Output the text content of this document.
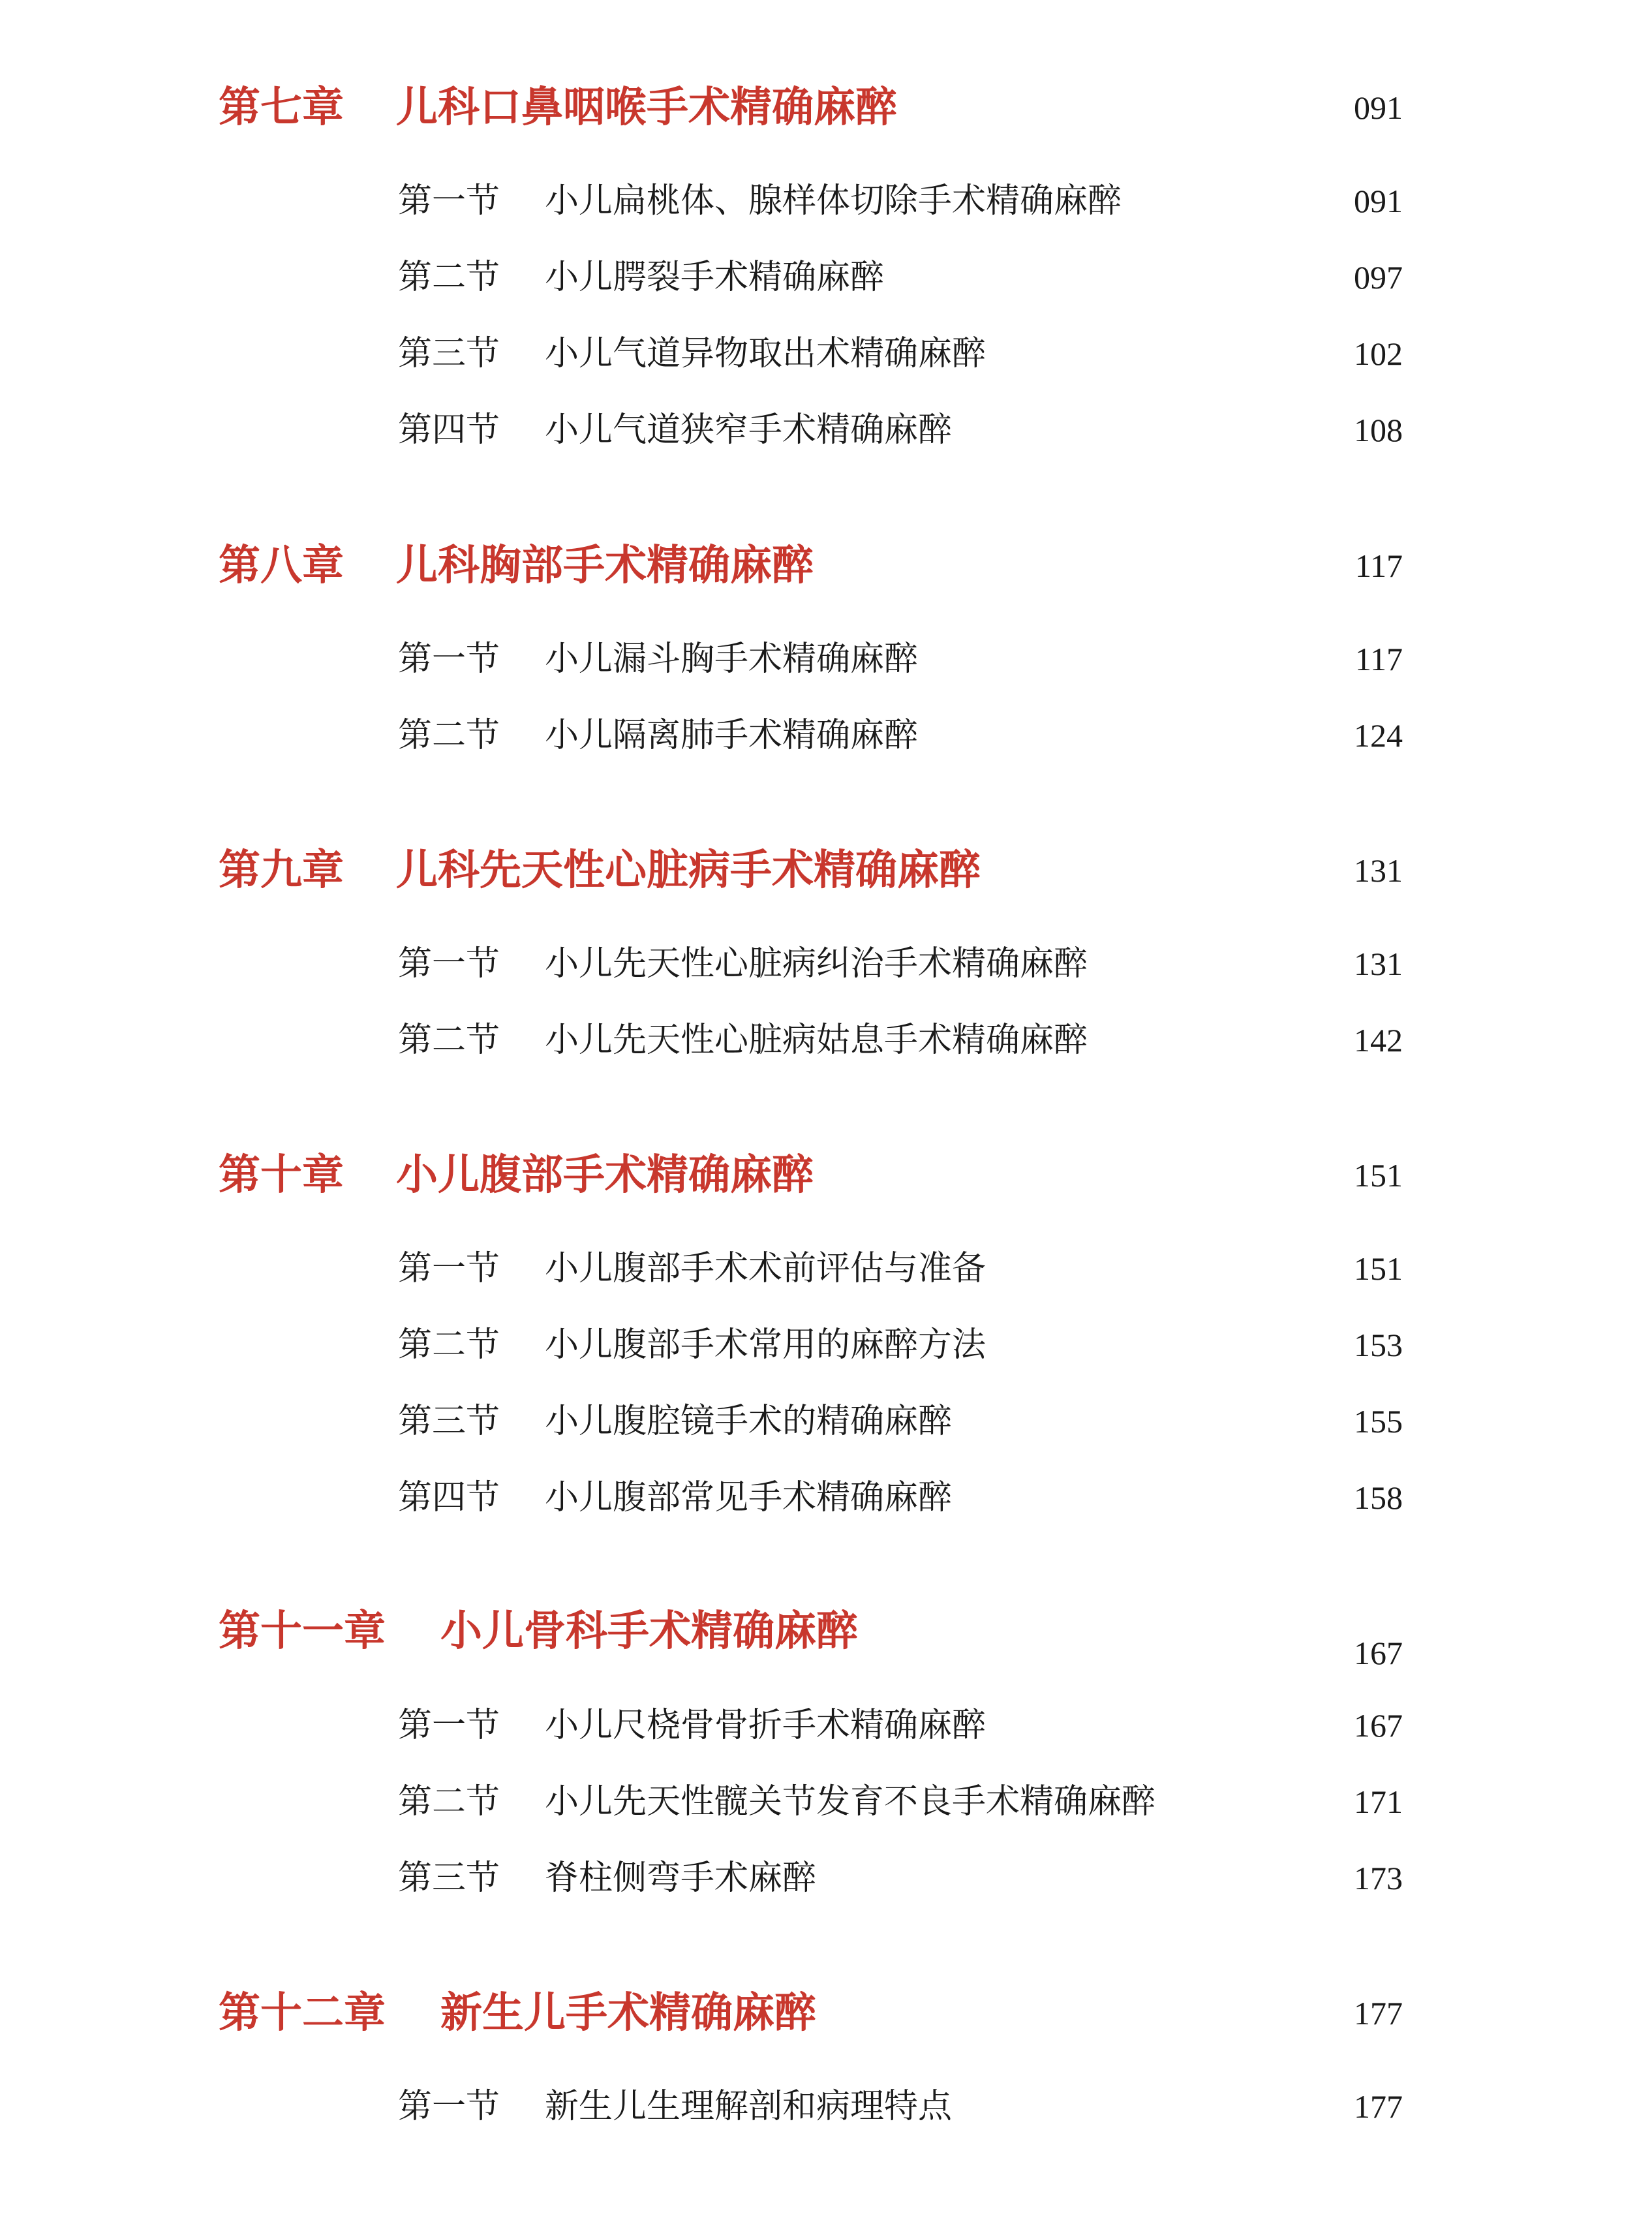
第七章 儿科口鼻咽喉手术精确麻醉	091
第一节 小儿扁桃体、腺样体切除手术精确麻醉	091
第二节 小儿腭裂手术精确麻醉	097
第三节 小儿气道异物取出术精确麻醉	102
第四节 小儿气道狭窄手术精确麻醉	108
第八章 儿科胸部手术精确麻醉	117
第一节 小儿漏斗胸手术精确麻醉	117
第二节 小儿隔离肺手术精确麻醉	124
第九章 儿科先天性心脏病手术精确麻醉	131
第一节 小儿先天性心脏病纠治手术精确麻醉	131
第二节 小儿先天性心脏病姑息手术精确麻醉	142
第十章 小儿腹部手术精确麻醉	151
第一节 小儿腹部手术术前评估与准备	151
第二节 小儿腹部手术常用的麻醉方法	153
第三节 小儿腹腔镜手术的精确麻醉	155
第四节 小儿腹部常见手术精确麻醉	158
第十一章 小儿骨科手术精确麻醉	167
第一节 小儿尺桡骨骨折手术精确麻醉	167
第二节 小儿先天性髋关节发育不良手术精确麻醉	171
第三节 脊柱侧弯手术麻醉	173
第十二章 新生儿手术精确麻醉	177
第一节 新生儿生理解剖和病理特点	177
